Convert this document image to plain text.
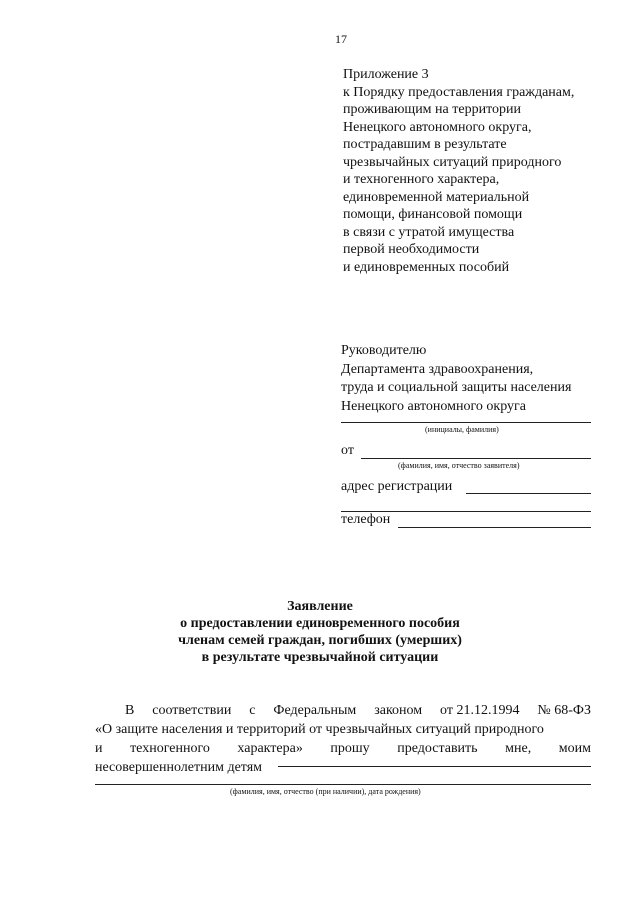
17
Приложение 3
к Порядку предоставления гражданам,
проживающим на территории
Ненецкого автономного округа,
пострадавшим в результате
чрезвычайных ситуаций природного
и техногенного характера,
единовременной материальной
помощи, финансовой помощи
в связи с утратой имущества
первой необходимости
и единовременных пособий
Руководителю
Департамента здравоохранения,
труда и социальной защиты населения
Ненецкого автономного округа
(инициалы, фамилия)
от
(фамилия, имя, отчество заявителя)
адрес регистрации
телефон
Заявление
о предоставлении единовременного пособия
членам семей граждан, погибших (умерших)
в результате чрезвычайной ситуации
В соответствии с Федеральным законом от 21.12.1994 № 68-ФЗ
«О защите населения и территорий от чрезвычайных ситуаций природного
и техногенного характера» прошу предоставить мне, моим
несовершеннолетним детям
(фамилия, имя, отчество (при наличии), дата рождения)
